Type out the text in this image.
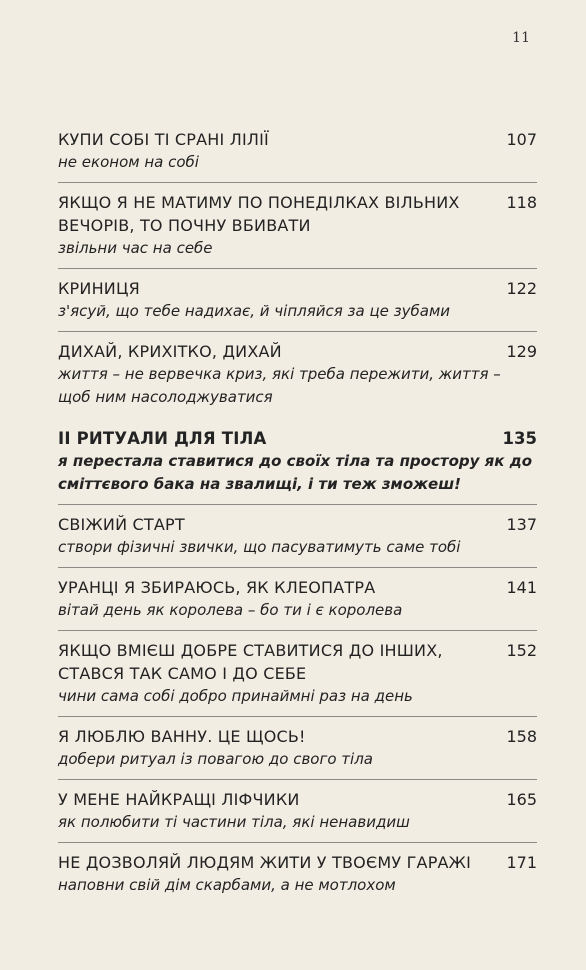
11
КУПИ СОБІ ТІ СРАНІ ЛІЛІЇ	107
не економ на собі
ЯКЩО Я НЕ МАТИМУ ПО ПОНЕДІЛКАХ ВІЛЬНИХ ВЕЧОРІВ, ТО ПОЧНУ ВБИВАТИ
118
звільни час на себе
КРИНИЦЯ	122
з'ясуй, що тебе надихає, й чіпляйся за це зубами
ДИХАЙ, КРИХІТКО, ДИХАЙ	129
життя – не вервечка криз, які треба пережити, життя – щоб ним насолоджуватися
II РИТУАЛИ ДЛЯ ТІЛА	135
я перестала ставитися до своїх тіла та простору як до сміттєвого бака на звалищі, і ти теж зможеш!
СВІЖИЙ СТАРТ	137
створи фізичні звички, що пасуватимуть саме тобі
УРАНЦІ Я ЗБИРАЮСЬ, ЯК КЛЕОПАТРА	141
вітай день як королева – бо ти і є королева
ЯКЩО ВМІЄШ ДОБРЕ СТАВИТИСЯ ДО ІНШИХ, СТАВСЯ ТАК САМО І ДО СЕБЕ
152
чини сама собі добро принаймні раз на день
Я ЛЮБЛЮ ВАННУ. ЦЕ ЩОСЬ!	158
добери ритуал із повагою до свого тіла
У МЕНЕ НАЙКРАЩІ ЛІФЧИКИ	165
як полюбити ті частини тіла, які ненавидиш
НЕ ДОЗВОЛЯЙ ЛЮДЯМ ЖИТИ У ТВОЄМУ ГАРАЖІ	171
наповни свій дім скарбами, а не мотлохом
